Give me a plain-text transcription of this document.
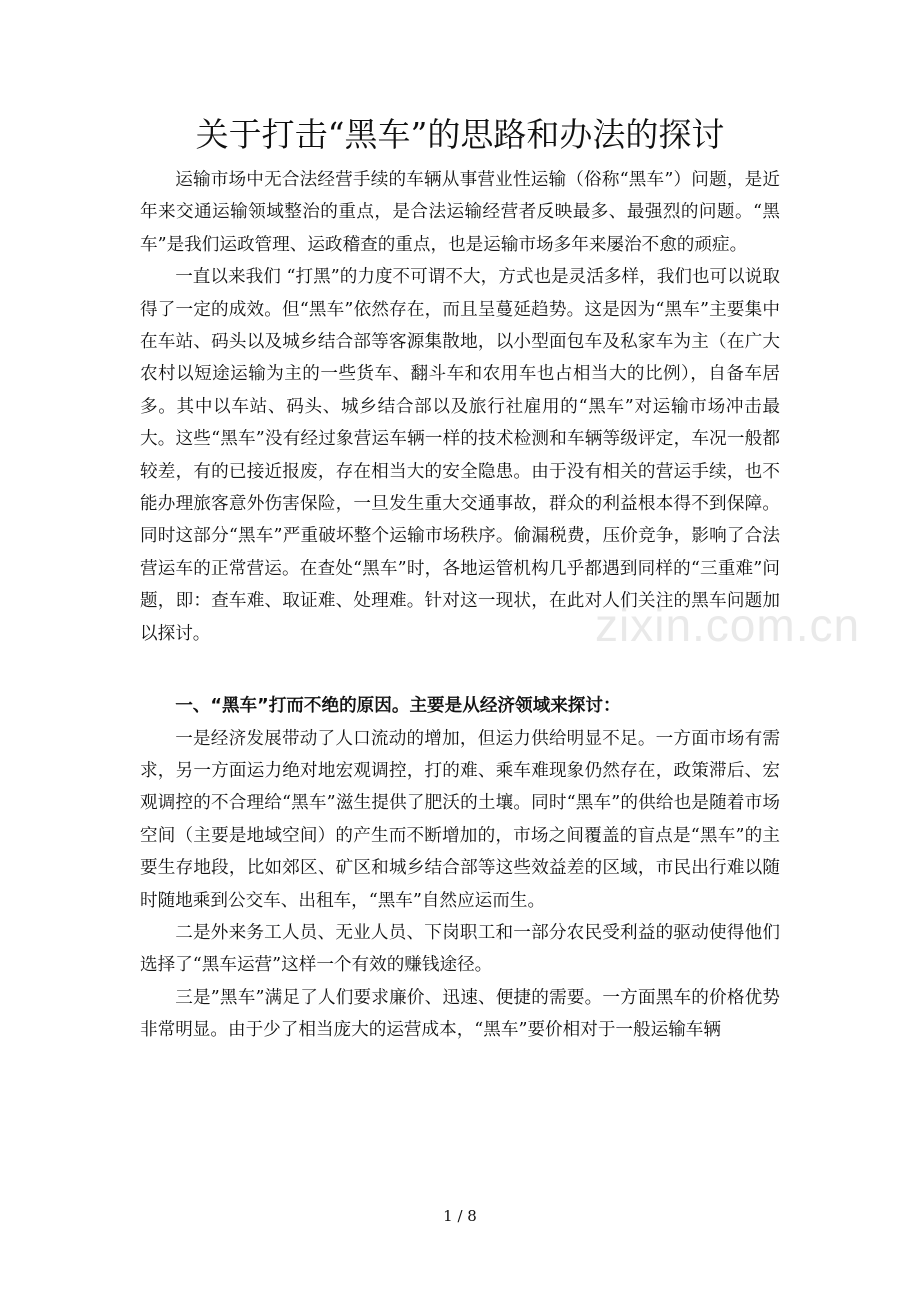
zixin.com.cn
关于打击“黑车”的思路和办法的探讨

运输市场中无合法经营手续的车辆从事营业性运输（俗称“黑车”）问题，是近年来交通运输领域整治的重点，是合法运输经营者反映最多、最强烈的问题。“黑车”是我们运政管理、运政稽查的重点，也是运输市场多年来屡治不愈的顽症。

一直以来我们 “打黑”的力度不可谓不大，方式也是灵活多样，我们也可以说取得了一定的成效。但“黑车”依然存在，而且呈蔓延趋势。这是因为“黑车”主要集中在车站、码头以及城乡结合部等客源集散地，以小型面包车及私家车为主（在广大农村以短途运输为主的一些货车、翻斗车和农用车也占相当大的比例），自备车居多。其中以车站、码头、城乡结合部以及旅行社雇用的“黑车”对运输市场冲击最大。这些“黑车”没有经过象营运车辆一样的技术检测和车辆等级评定，车况一般都较差，有的已接近报废，存在相当大的安全隐患。由于没有相关的营运手续，也不能办理旅客意外伤害保险，一旦发生重大交通事故，群众的利益根本得不到保障。同时这部分“黑车”严重破坏整个运输市场秩序。偷漏税费，压价竞争，影响了合法营运车的正常营运。在查处“黑车”时，各地运管机构几乎都遇到同样的“三重难”问题，即：查车难、取证难、处理难。针对这一现状，在此对人们关注的黑车问题加以探讨。

一、“黑车”打而不绝的原因。主要是从经济领域来探讨：

一是经济发展带动了人口流动的增加，但运力供给明显不足。一方面市场有需求，另一方面运力绝对地宏观调控，打的难、乘车难现象仍然存在，政策滞后、宏观调控的不合理给“黑车”滋生提供了肥沃的土壤。同时“黑车”的供给也是随着市场空间（主要是地域空间）的产生而不断增加的，市场之间覆盖的盲点是“黑车”的主要生存地段，比如郊区、矿区和城乡结合部等这些效益差的区域，市民出行难以随时随地乘到公交车、出租车，“黑车”自然应运而生。

二是外来务工人员、无业人员、下岗职工和一部分农民受利益的驱动使得他们选择了“黑车运营”这样一个有效的赚钱途径。

三是”黑车”满足了人们要求廉价、迅速、便捷的需要。一方面黑车的价格优势非常明显。由于少了相当庞大的运营成本，“黑车”要价相对于一般运输车辆

1 / 8
